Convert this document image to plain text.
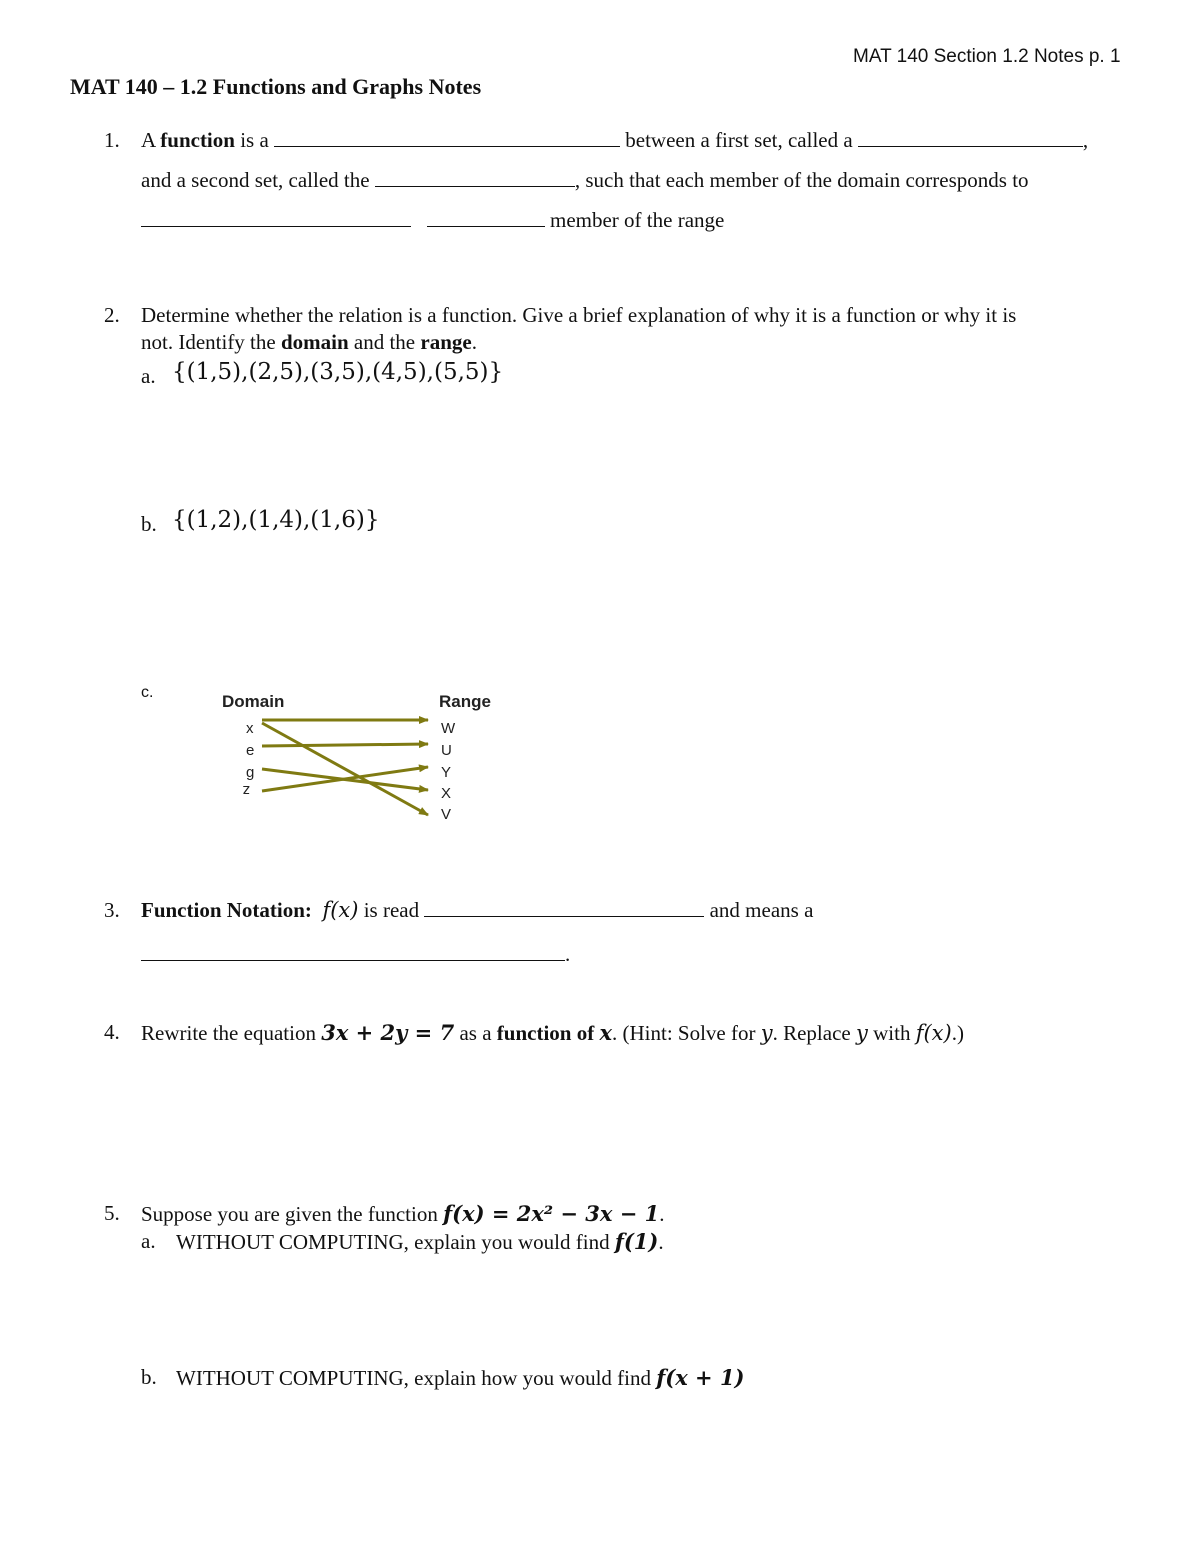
MAT 140 Section 1.2 Notes p. 1
MAT 140 – 1.2 Functions and Graphs Notes
1. A function is a	between a first set, called a	,
and a second set, called the	, such that each member of the domain corresponds to
member of the range
2. Determine whether the relation is a function. Give a brief explanation of why it is a function or why it is
not. Identify the domain and the range.
a. {(1,5),(2,5),(3,5),(4,5),(5,5)}
b. {(1,2),(1,4),(1,6)}
c.	Domain	Range
x
e
g
z
W
U
Y
X
V
3. Function Notation: f(x) is read	and means a
.
4. Rewrite the equation 3x + 2y = 7 as a function of x. (Hint: Solve for y. Replace y with f(x).)
5. Suppose you are given the function f(x) = 2x² − 3x − 1.
a. WITHOUT COMPUTING, explain you would find f(1).
b. WITHOUT COMPUTING, explain how you would find f(x + 1)
